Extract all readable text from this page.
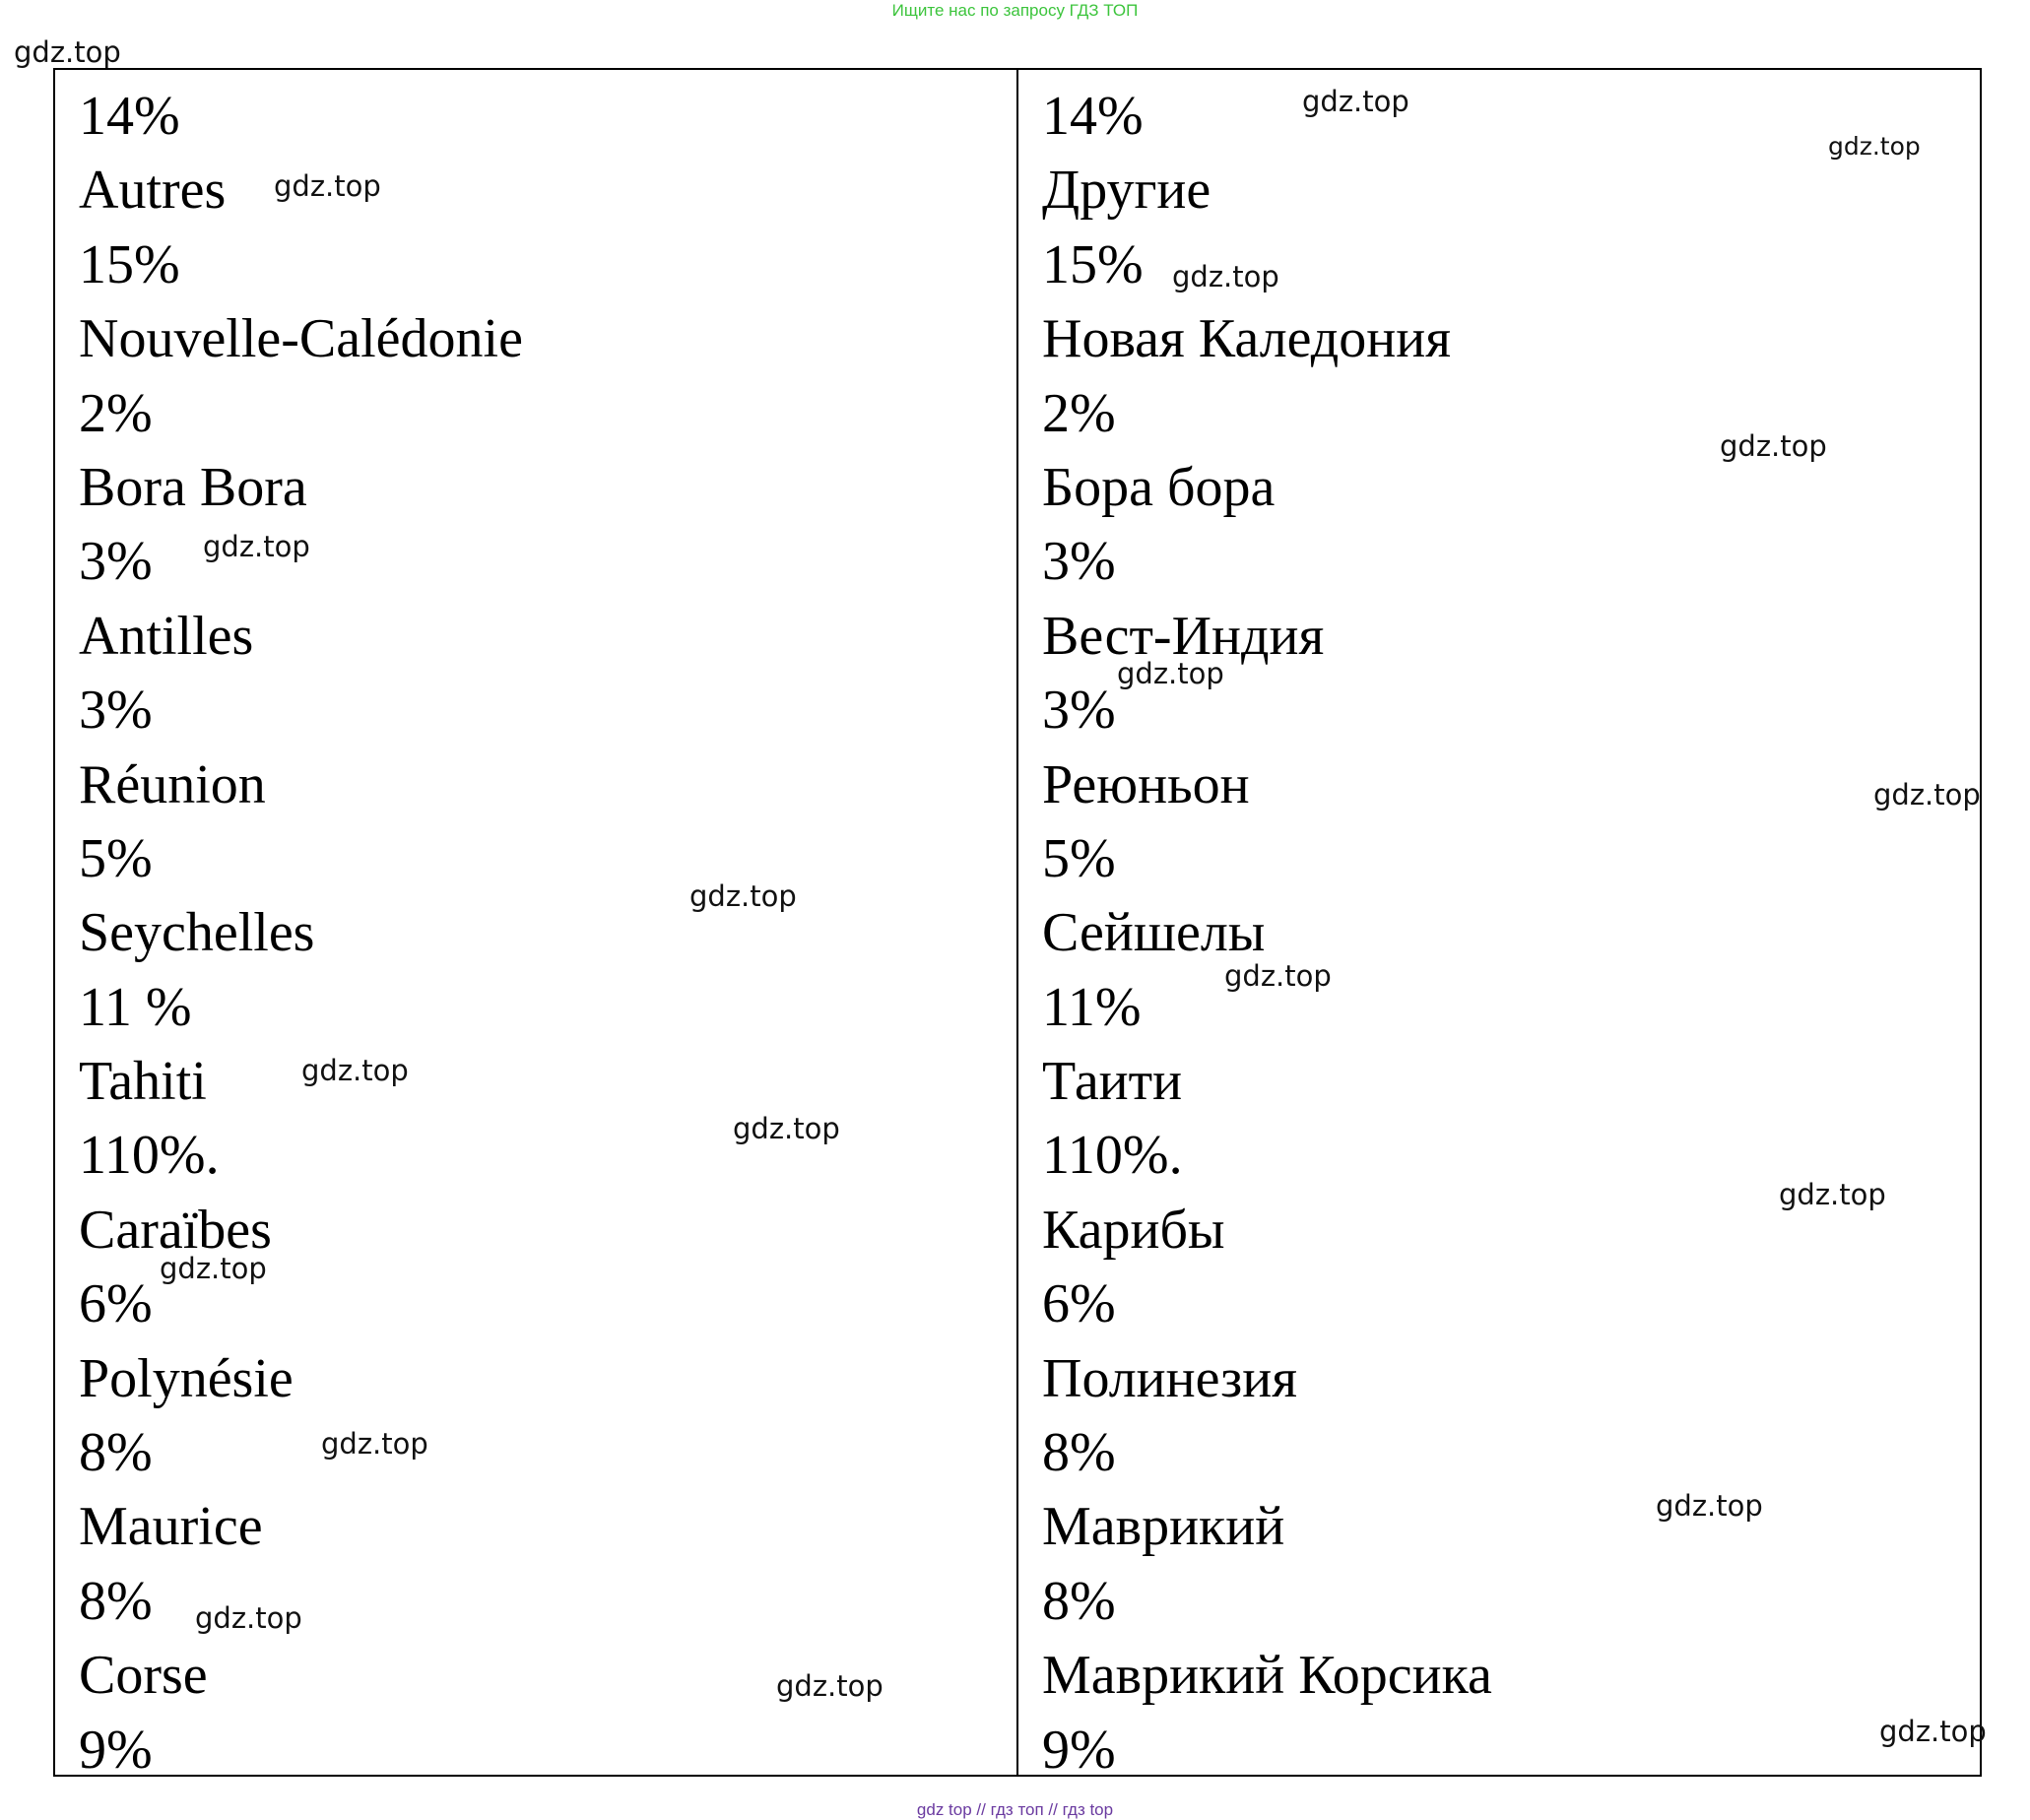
Ищите нас по запросу ГДЗ ТОП
14%
Autres
15%
Nouvelle-Calédonie
2%
Bora Bora
3%
Antilles
3%
Réunion
5%
Seychelles
11 %
Tahiti
110%.
Caraïbes
6%
Polynésie
8%
Maurice
8%
Corse
9%
14%
Другие
15%
Новая Каледония
2%
Бора бора
3%
Вест-Индия
3%
Реюньон
5%
Сейшелы
11%
Таити
110%.
Карибы
6%
Полинезия
8%
Маврикий
8%
Маврикий Корсика
9%
gdz.top
gdz.top
gdz.top
gdz.top
gdz.top
gdz.top
gdz.top
gdz.top
gdz.top
gdz.top
gdz.top
gdz.top
gdz.top
gdz.top
gdz.top
gdz.top
gdz.top
gdz.top
gdz.top
gdz.top
gdz top // гдз топ // гдз top
